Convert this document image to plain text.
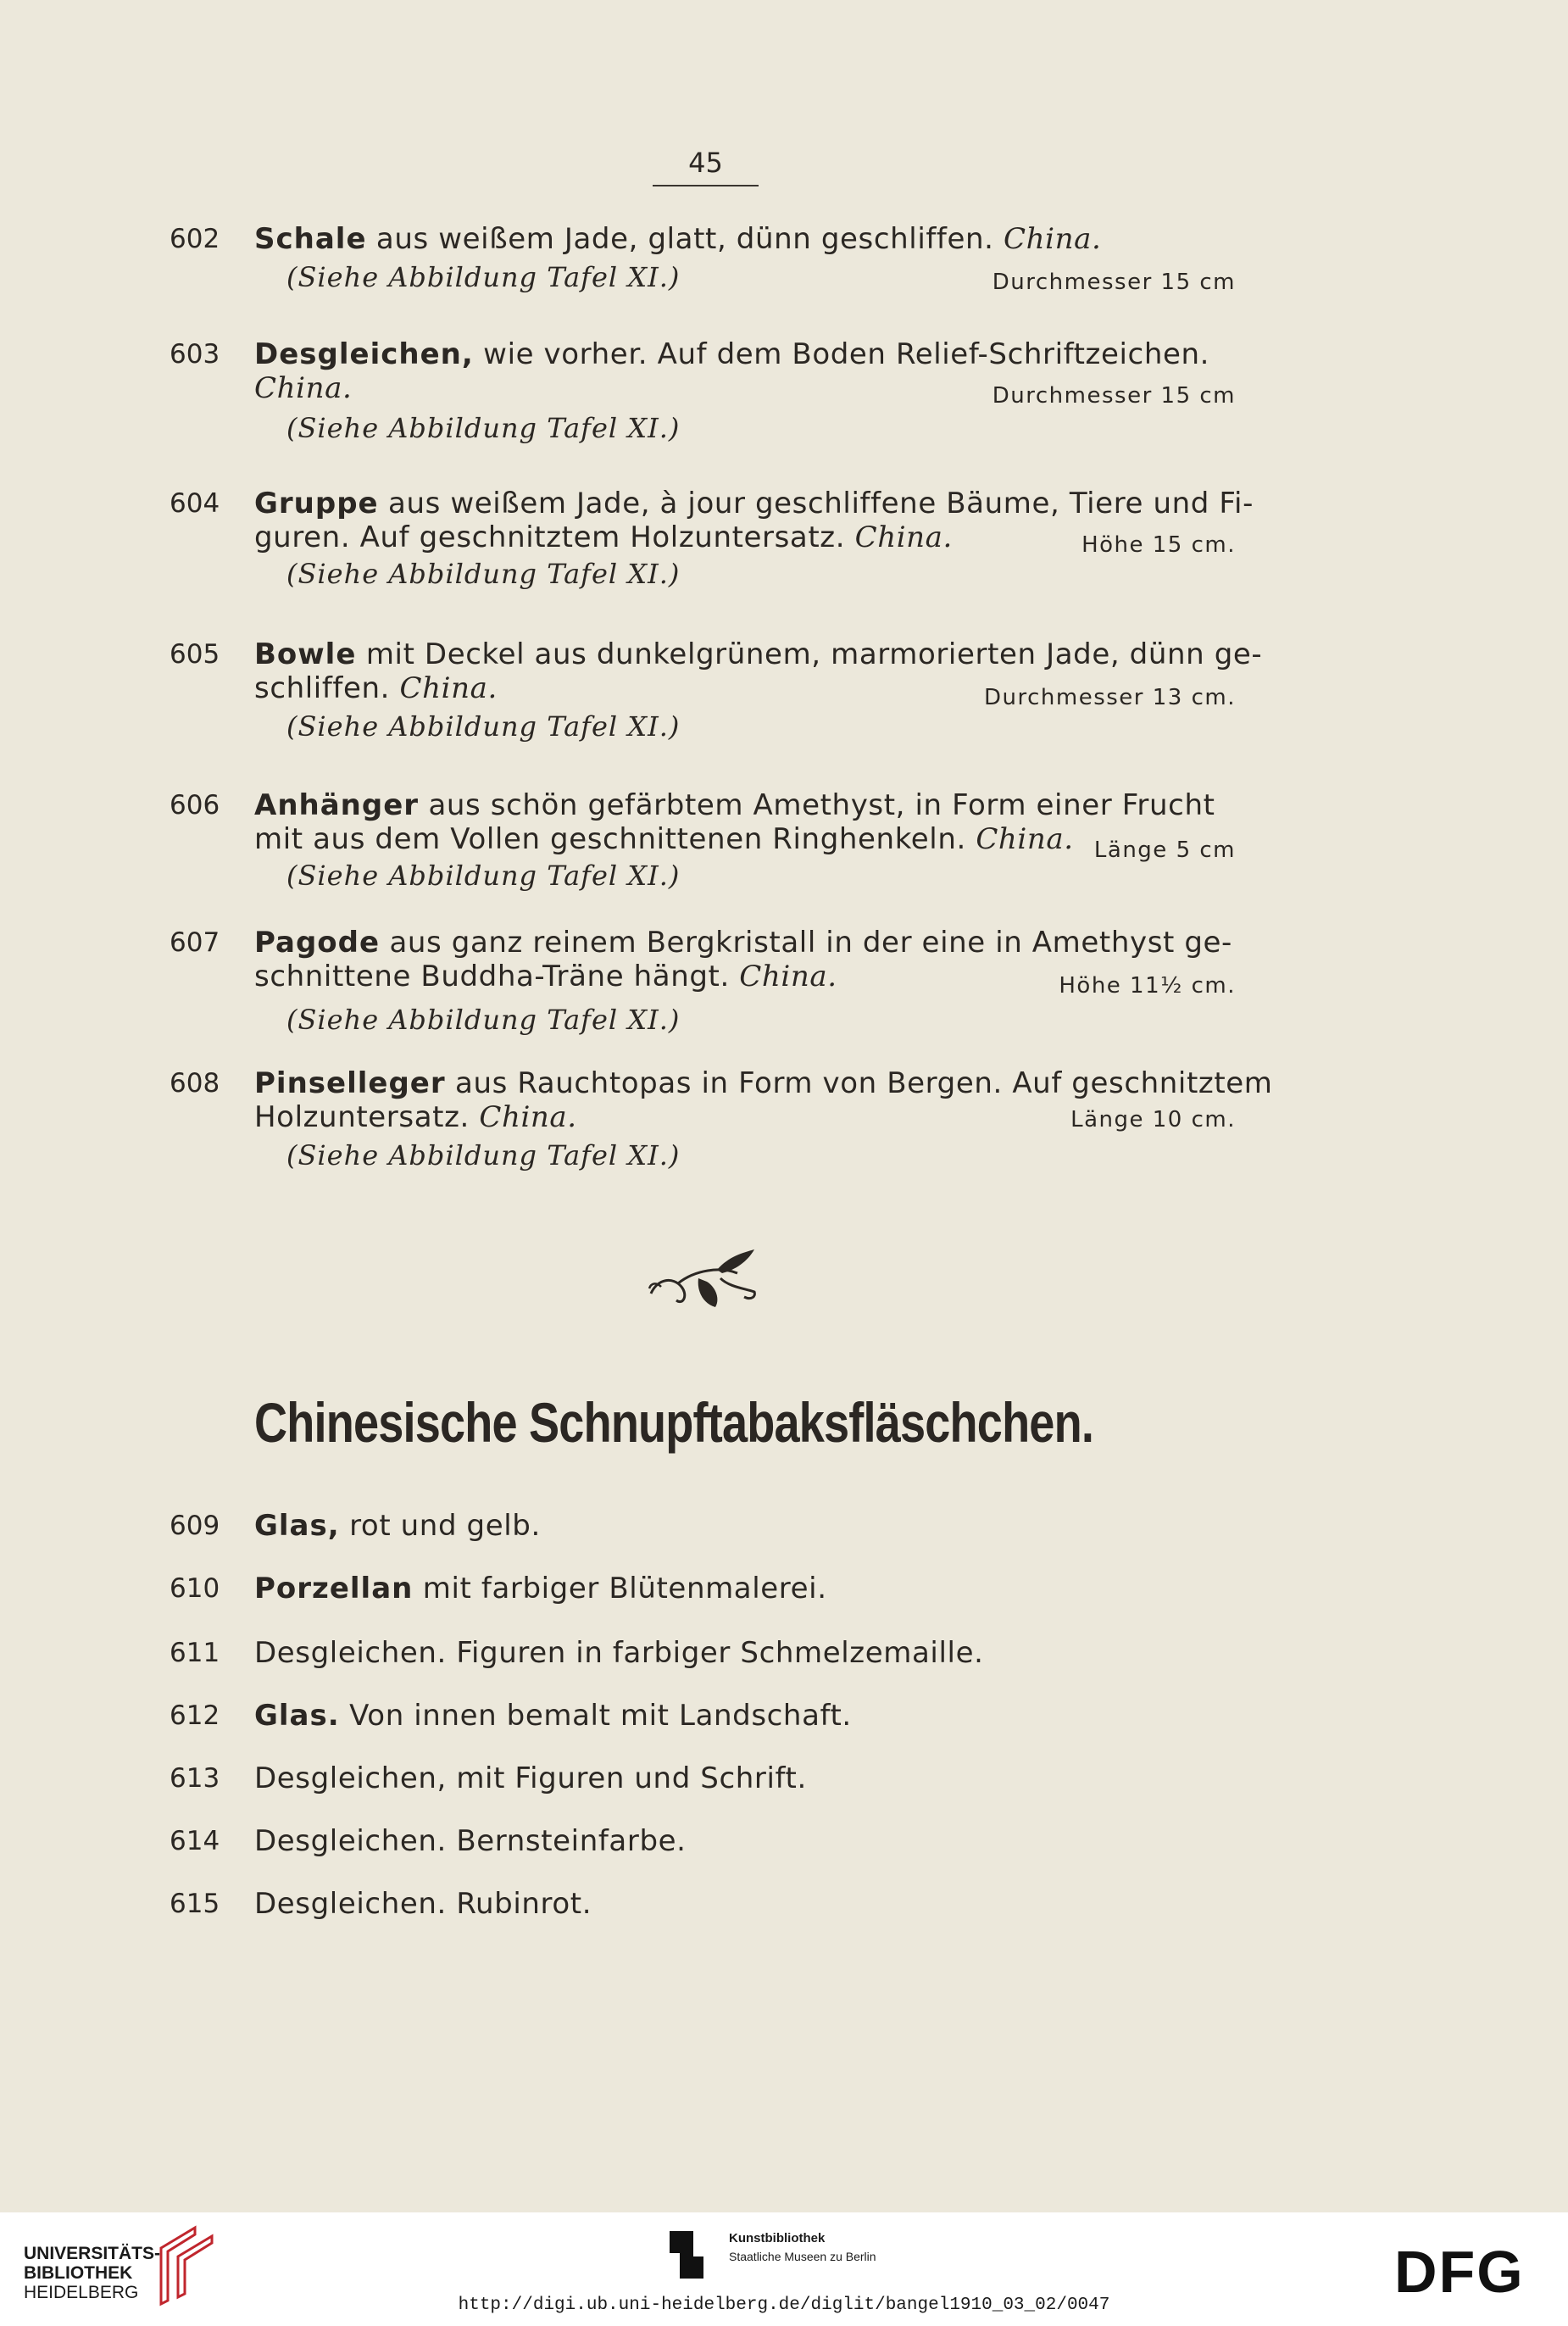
45
602	Schale aus weißem Jade, glatt, dünn geschliffen. China.
(Siehe Abbildung Tafel XI.)	Durchmesser 15 cm
603	Desgleichen, wie vorher. Auf dem Boden Relief-Schriftzeichen.
China.	Durchmesser 15 cm
(Siehe Abbildung Tafel XI.)
604	Gruppe aus weißem Jade, à jour geschliffene Bäume, Tiere und Fi-
guren. Auf geschnitztem Holzuntersatz. China.	Höhe 15 cm.
(Siehe Abbildung Tafel XI.)
605	Bowle mit Deckel aus dunkelgrünem, marmorierten Jade, dünn ge-
schliffen. China.	Durchmesser 13 cm.
(Siehe Abbildung Tafel XI.)
606	Anhänger aus schön gefärbtem Amethyst, in Form einer Frucht
mit aus dem Vollen geschnittenen Ringhenkeln. China. Länge 5 cm
(Siehe Abbildung Tafel XI.)
607	Pagode aus ganz reinem Bergkristall in der eine in Amethyst ge-
schnittene Buddha-Träne hängt. China.	Höhe 11½ cm.
(Siehe Abbildung Tafel XI.)
608	Pinselleger aus Rauchtopas in Form von Bergen. Auf geschnitztem
Holzuntersatz. China.	Länge 10 cm.
(Siehe Abbildung Tafel XI.)
Chinesische Schnupftabaksfläschchen.
609	Glas, rot und gelb.
610	Porzellan mit farbiger Blütenmalerei.
611	Desgleichen. Figuren in farbiger Schmelzemaille.
612	Glas. Von innen bemalt mit Landschaft.
613	Desgleichen, mit Figuren und Schrift.
614	Desgleichen. Bernsteinfarbe.
615	Desgleichen. Rubinrot.
UNIVERSITÄTS-
BIBLIOTHEK
HEIDELBERG
Kunstbibliothek
Staatliche Museen zu Berlin	DFG
http://digi.ub.uni-heidelberg.de/diglit/bangel1910_03_02/0047
